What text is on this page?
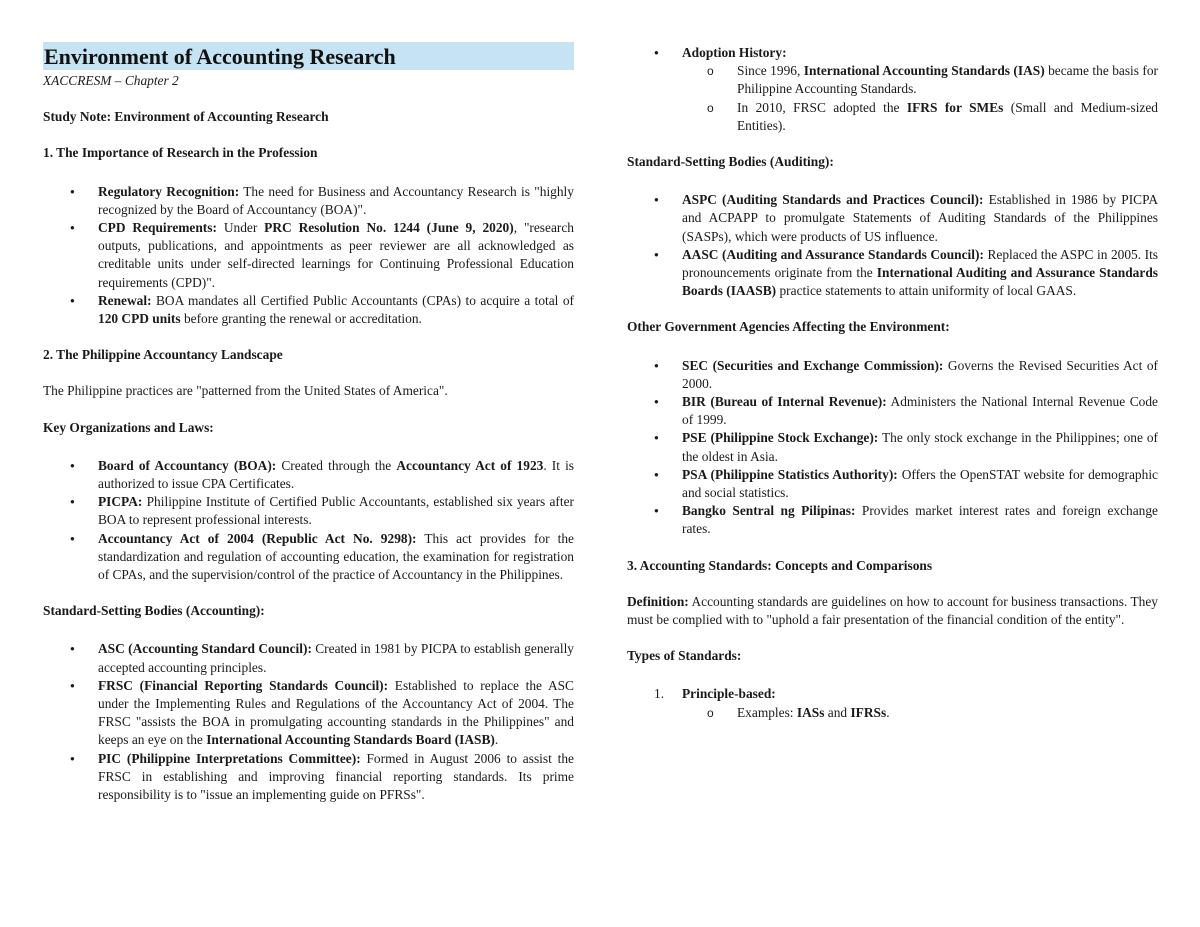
Environment of Accounting Research
XACCRESM – Chapter 2

Study Note: Environment of Accounting Research

1. The Importance of Research in the Profession

● Regulatory Recognition: The need for Business and Accountancy Research is "highly recognized by the Board of Accountancy (BOA)".
● CPD Requirements: Under PRC Resolution No. 1244 (June 9, 2020), "research outputs, publications, and appointments as peer reviewer are all acknowledged as creditable units under self-directed learnings for Continuing Professional Education requirements (CPD)".
● Renewal: BOA mandates all Certified Public Accountants (CPAs) to acquire a total of 120 CPD units before granting the renewal or accreditation.

2. The Philippine Accountancy Landscape

The Philippine practices are "patterned from the United States of America".

Key Organizations and Laws:

● Board of Accountancy (BOA): Created through the Accountancy Act of 1923. It is authorized to issue CPA Certificates.
● PICPA: Philippine Institute of Certified Public Accountants, established six years after BOA to represent professional interests.
● Accountancy Act of 2004 (Republic Act No. 9298): This act provides for the standardization and regulation of accounting education, the examination for registration of CPAs, and the supervision/control of the practice of Accountancy in the Philippines.

Standard-Setting Bodies (Accounting):

● ASC (Accounting Standard Council): Created in 1981 by PICPA to establish generally accepted accounting principles.
● FRSC (Financial Reporting Standards Council): Established to replace the ASC under the Implementing Rules and Regulations of the Accountancy Act of 2004. The FRSC "assists the BOA in promulgating accounting standards in the Philippines" and keeps an eye on the International Accounting Standards Board (IASB).
● PIC (Philippine Interpretations Committee): Formed in August 2006 to assist the FRSC in establishing and improving financial reporting standards. Its prime responsibility is to "issue an implementing guide on PFRSs".
● Adoption History:
o Since 1996, International Accounting Standards (IAS) became the basis for Philippine Accounting Standards.
o In 2010, FRSC adopted the IFRS for SMEs (Small and Medium-sized Entities).

Standard-Setting Bodies (Auditing):

● ASPC (Auditing Standards and Practices Council): Established in 1986 by PICPA and ACPAPP to promulgate Statements of Auditing Standards of the Philippines (SASPs), which were products of US influence.
● AASC (Auditing and Assurance Standards Council): Replaced the ASPC in 2005. Its pronouncements originate from the International Auditing and Assurance Standards Boards (IAASB) practice statements to attain uniformity of local GAAS.

Other Government Agencies Affecting the Environment:

● SEC (Securities and Exchange Commission): Governs the Revised Securities Act of 2000.
● BIR (Bureau of Internal Revenue): Administers the National Internal Revenue Code of 1999.
● PSE (Philippine Stock Exchange): The only stock exchange in the Philippines; one of the oldest in Asia.
● PSA (Philippine Statistics Authority): Offers the OpenSTAT website for demographic and social statistics.
● Bangko Sentral ng Pilipinas: Provides market interest rates and foreign exchange rates.

3. Accounting Standards: Concepts and Comparisons

Definition: Accounting standards are guidelines on how to account for business transactions. They must be complied with to "uphold a fair presentation of the financial condition of the entity".

Types of Standards:

1. Principle-based:
o Examples: IASs and IFRSs.
